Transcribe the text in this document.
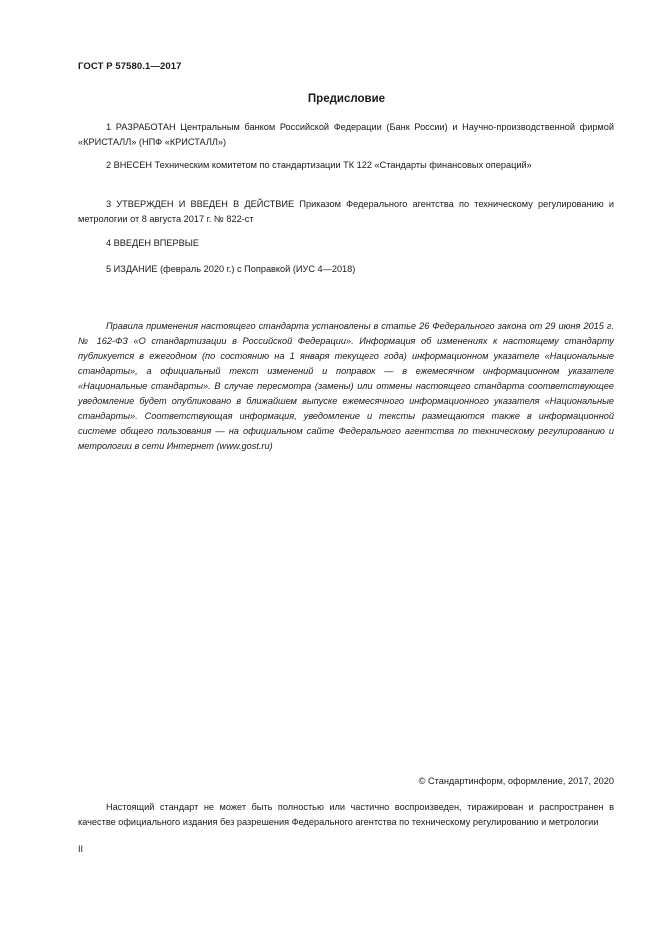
ГОСТ Р 57580.1—2017
Предисловие

1 РАЗРАБОТАН Центральным банком Российской Федерации (Банк России) и Научно-производственной фирмой «КРИСТАЛЛ» (НПФ «КРИСТАЛЛ»)

2 ВНЕСЕН Техническим комитетом по стандартизации ТК 122 «Стандарты финансовых операций»

3 УТВЕРЖДЕН И ВВЕДЕН В ДЕЙСТВИЕ Приказом Федерального агентства по техническому регулированию и метрологии от 8 августа 2017 г. № 822-ст

4 ВВЕДЕН ВПЕРВЫЕ

5 ИЗДАНИЕ (февраль 2020 г.) с Поправкой (ИУС 4—2018)

Правила применения настоящего стандарта установлены в статье 26 Федерального закона от 29 июня 2015 г. № 162-ФЗ «О стандартизации в Российской Федерации». Информация об изменениях к настоящему стандарту публикуется в ежегодном (по состоянию на 1 января текущего года) информационном указателе «Национальные стандарты», а официальный текст изменений и поправок — в ежемесячном информационном указателе «Национальные стандарты». В случае пересмотра (замены) или отмены настоящего стандарта соответствующее уведомление будет опубликовано в ближайшем выпуске ежемесячного информационного указателя «Национальные стандарты». Соответствующая информация, уведомление и тексты размещаются также в информационной системе общего пользования — на официальном сайте Федерального агентства по техническому регулированию и метрологии в сети Интернет (www.gost.ru)

© Стандартинформ, оформление, 2017, 2020

Настоящий стандарт не может быть полностью или частично воспроизведен, тиражирован и распространен в качестве официального издания без разрешения Федерального агентства по техническому регулированию и метрологии

II
